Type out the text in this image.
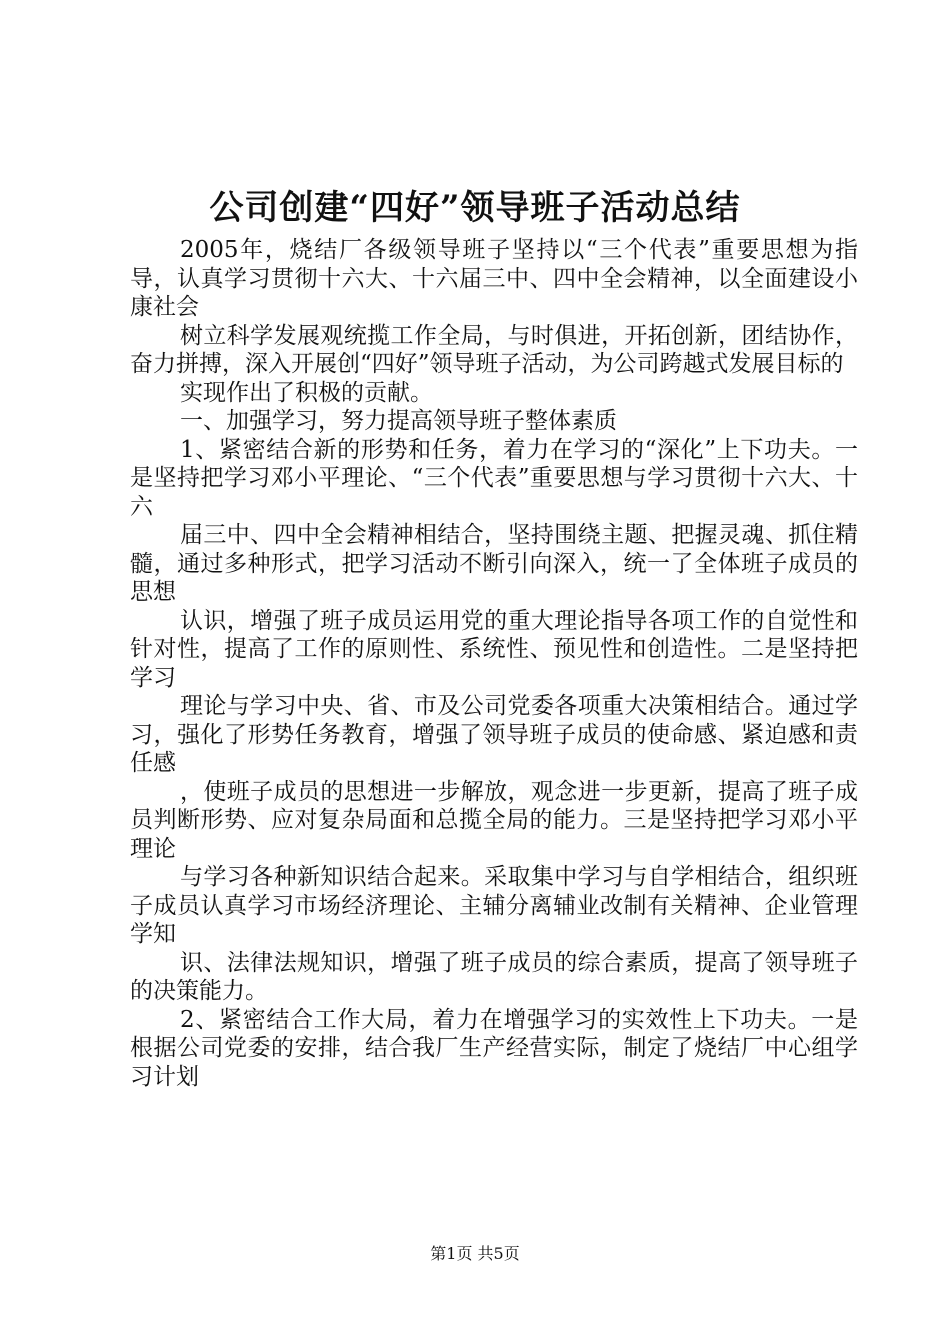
公司创建“四好”领导班子活动总结

2005年，烧结厂各级领导班子坚持以“三个代表”重要思想为指导，认真学习贯彻十六大、十六届三中、四中全会精神，以全面建设小康社会

树立科学发展观统揽工作全局，与时俱进，开拓创新，团结协作，奋力拼搏，深入开展创“四好”领导班子活动，为公司跨越式发展目标的

实现作出了积极的贡献。

一、加强学习，努力提高领导班子整体素质

1、紧密结合新的形势和任务，着力在学习的“深化”上下功夫。一是坚持把学习邓小平理论、“三个代表”重要思想与学习贯彻十六大、十六

届三中、四中全会精神相结合，坚持围绕主题、把握灵魂、抓住精髓，通过多种形式，把学习活动不断引向深入，统一了全体班子成员的思想

认识，增强了班子成员运用党的重大理论指导各项工作的自觉性和针对性，提高了工作的原则性、系统性、预见性和创造性。二是坚持把学习

理论与学习中央、省、市及公司党委各项重大决策相结合。通过学习，强化了形势任务教育，增强了领导班子成员的使命感、紧迫感和责任感

，使班子成员的思想进一步解放，观念进一步更新，提高了班子成员判断形势、应对复杂局面和总揽全局的能力。三是坚持把学习邓小平理论

与学习各种新知识结合起来。采取集中学习与自学相结合，组织班子成员认真学习市场经济理论、主辅分离辅业改制有关精神、企业管理学知

识、法律法规知识，增强了班子成员的综合素质，提高了领导班子的决策能力。

2、紧密结合工作大局，着力在增强学习的实效性上下功夫。一是根据公司党委的安排，结合我厂生产经营实际，制定了烧结厂中心组学习计划

第1页 共5页
